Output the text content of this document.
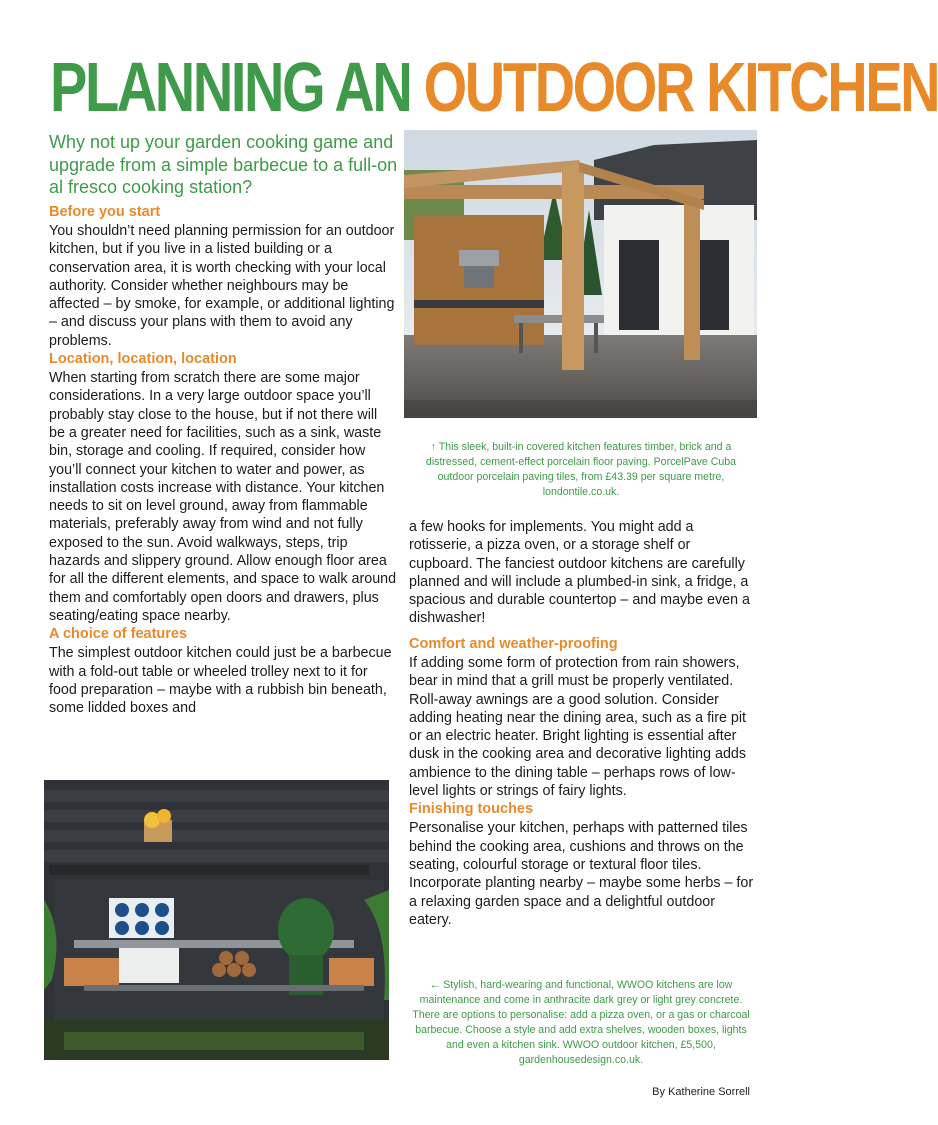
PLANNING AN OUTDOOR KITCHEN

Why not up your garden cooking game and upgrade from a simple barbecue to a full-on al fresco cooking station?

Before you start

You shouldn’t need planning permission for an outdoor kitchen, but if you live in a listed building or a conservation area, it is worth checking with your local authority. Consider whether neighbours may be affected – by smoke, for example, or additional lighting – and discuss your plans with them to avoid any problems.

Location, location, location

When starting from scratch there are some major considerations. In a very large outdoor space you’ll probably stay close to the house, but if not there will be a greater need for facilities, such as a sink, waste bin, storage and cooling. If required, consider how you’ll connect your kitchen to water and power, as installation costs increase with distance. Your kitchen needs to sit on level ground, away from flammable materials, preferably away from wind and not fully exposed to the sun. Avoid walkways, steps, trip hazards and slippery ground. Allow enough floor area for all the different elements, and space to walk around them and comfortably open doors and drawers, plus seating/eating space nearby.

A choice of features

The simplest outdoor kitchen could just be a barbecue with a fold-out table or wheeled trolley next to it for food preparation – maybe with a rubbish bin beneath, some lidded boxes and

↑ This sleek, built-in covered kitchen features timber, brick and a distressed, cement-effect porcelain floor paving. PorcelPave Cuba outdoor porcelain paving tiles, from £43.39 per square metre, londontile.co.uk.

a few hooks for implements. You might add a rotisserie, a pizza oven, or a storage shelf or cupboard. The fanciest outdoor kitchens are carefully planned and will include a plumbed-in sink, a fridge, a spacious and durable countertop – and maybe even a dishwasher!

Comfort and weather-proofing

If adding some form of protection from rain showers, bear in mind that a grill must be properly ventilated. Roll-away awnings are a good solution. Consider adding heating near the dining area, such as a fire pit or an electric heater. Bright lighting is essential after dusk in the cooking area and decorative lighting adds ambience to the dining table – perhaps rows of low-level lights or strings of fairy lights.

Finishing touches

Personalise your kitchen, perhaps with patterned tiles behind the cooking area, cushions and throws on the seating, colourful storage or textural floor tiles. Incorporate planting nearby – maybe some herbs – for a relaxing garden space and a delightful outdoor eatery.

← Stylish, hard-wearing and functional, WWOO kitchens are low maintenance and come in anthracite dark grey or light grey concrete. There are options to personalise: add a pizza oven, or a gas or charcoal barbecue. Choose a style and add extra shelves, wooden boxes, lights and even a kitchen sink. WWOO outdoor kitchen, £5,500, gardenhousedesign.co.uk.

By Katherine Sorrell
